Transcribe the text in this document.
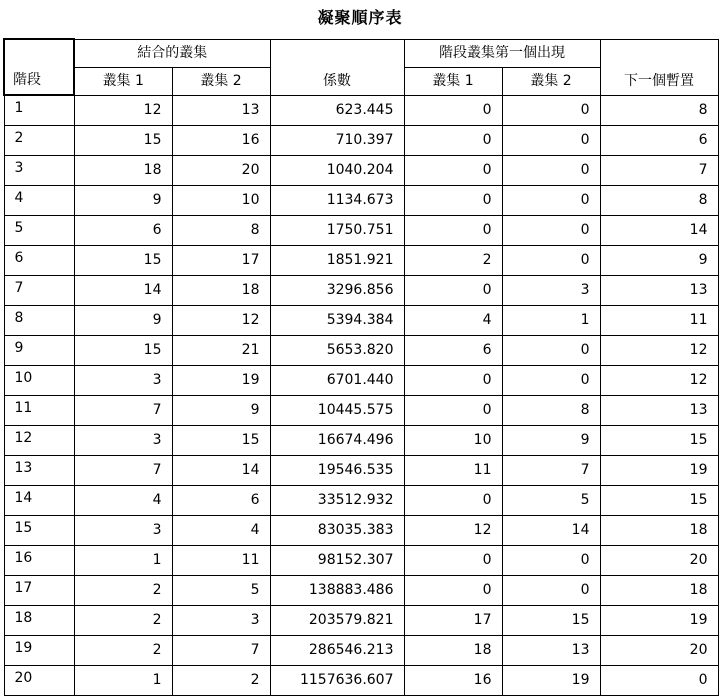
凝聚順序表
階段	結合的叢集		係數	階段叢集第一個出現		下一個暫置
	叢集 1	叢集 2		叢集 1	叢集 2	
1	12	13	623.445	0	0	8
2	15	16	710.397	0	0	6
3	18	20	1040.204	0	0	7
4	9	10	1134.673	0	0	8
5	6	8	1750.751	0	0	14
6	15	17	1851.921	2	0	9
7	14	18	3296.856	0	3	13
8	9	12	5394.384	4	1	11
9	15	21	5653.820	6	0	12
10	3	19	6701.440	0	0	12
11	7	9	10445.575	0	8	13
12	3	15	16674.496	10	9	15
13	7	14	19546.535	11	7	19
14	4	6	33512.932	0	5	15
15	3	4	83035.383	12	14	18
16	1	11	98152.307	0	0	20
17	2	5	138883.486	0	0	18
18	2	3	203579.821	17	15	19
19	2	7	286546.213	18	13	20
20	1	2	1157636.607	16	19	0
